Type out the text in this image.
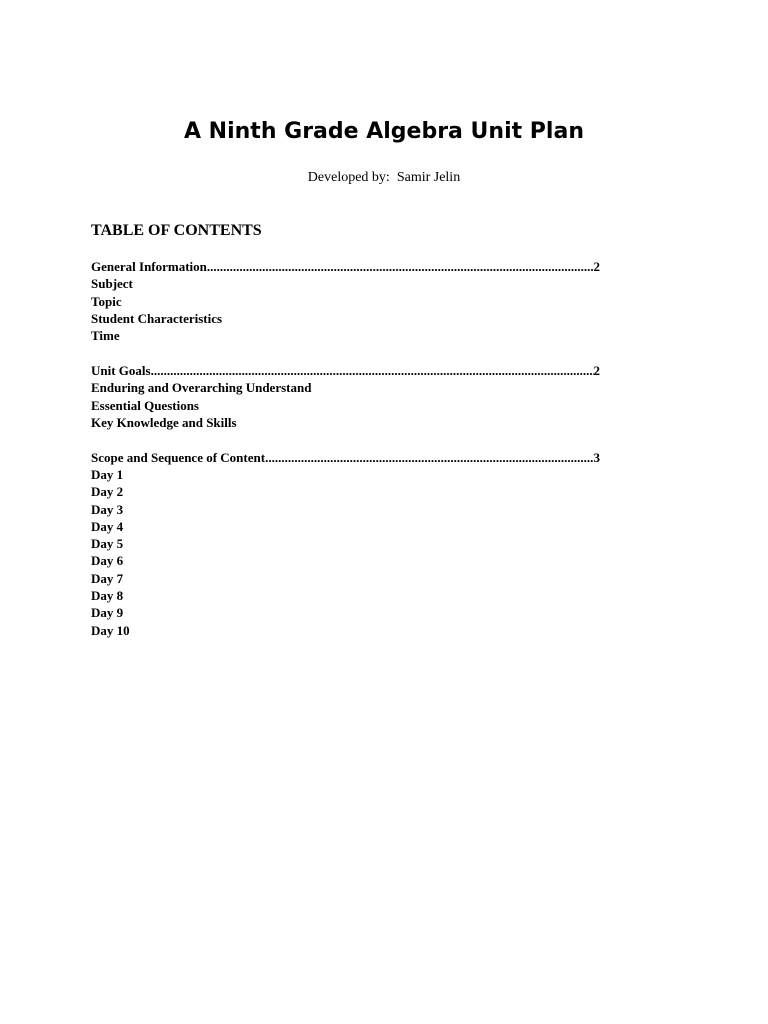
A Ninth Grade Algebra Unit Plan
Developed by:  Samir Jelin
TABLE OF CONTENTS
General Information .....	2
Subject
Topic
Student Characteristics
Time
Unit Goals .....	2
Enduring and Overarching Understand
Essential Questions
Key Knowledge and Skills
Scope and Sequence of Content .....	3
Day 1
Day 2
Day 3
Day 4
Day 5
Day 6
Day 7
Day 8
Day 9
Day 10
